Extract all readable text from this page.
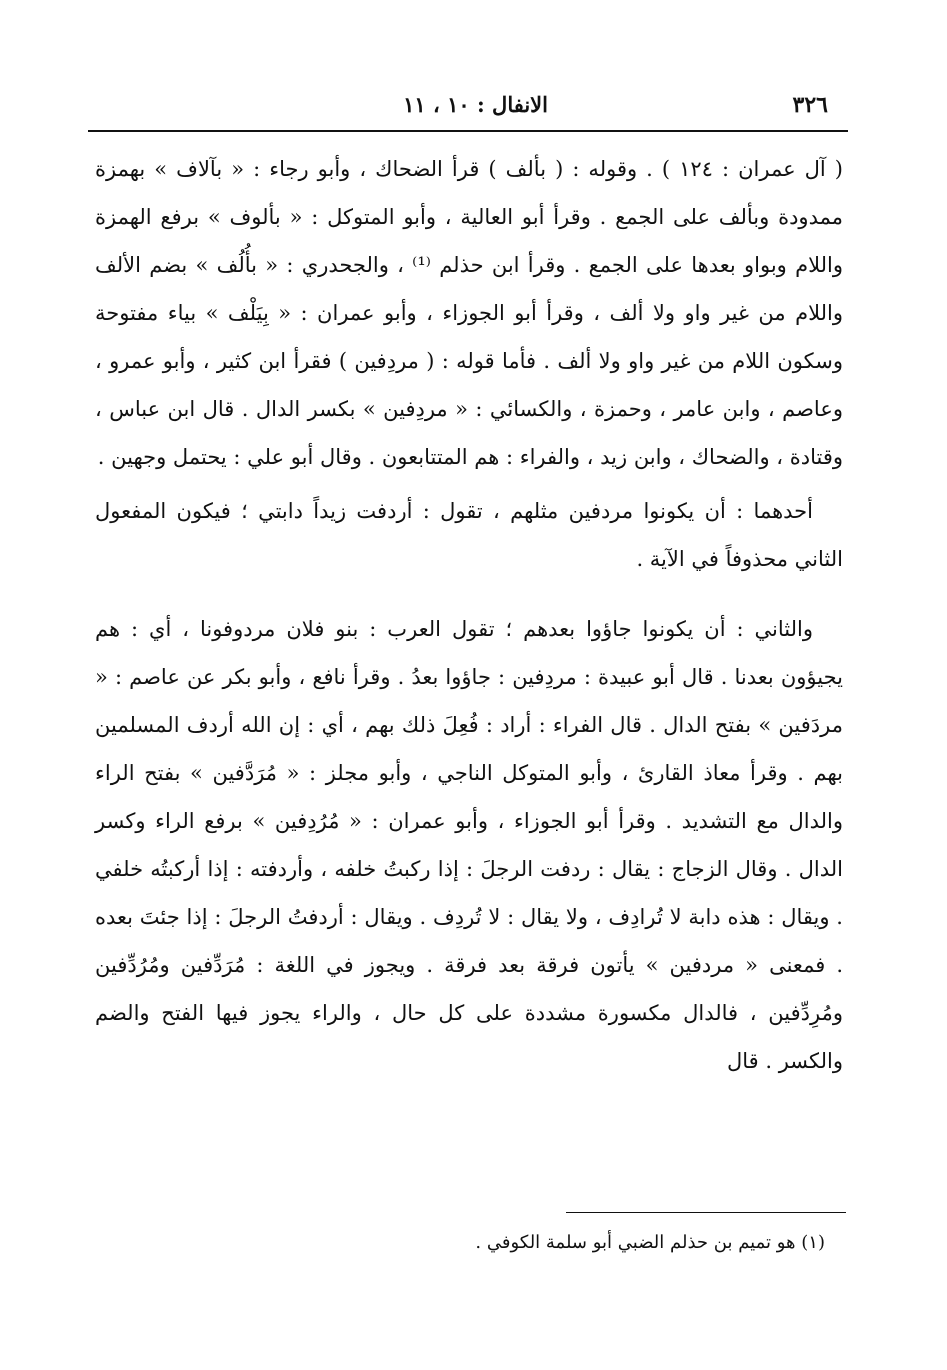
٣٢٦
الانفال : ١٠ ، ١١

( آل عمران : ١٢٤ ) . وقوله : ( بألف ) قرأ الضحاك ، وأبو رجاء : « بآلاف » بهمزة ممدودة وبألف على الجمع . وقرأ أبو العالية ، وأبو المتوكل : « بألوف » برفع الهمزة واللام وبواو بعدها على الجمع . وقرأ ابن حذلم ⁽¹⁾ ، والجحدري : « بأُلُف » بضم الألف واللام من غير واو ولا ألف ، وقرأ أبو الجوزاء ، وأبو عمران : « بِيَلْف » بياء مفتوحة وسكون اللام من غير واو ولا ألف . فأما قوله : ( مردِفين ) فقرأ ابن كثير ، وأبو عمرو ، وعاصم ، وابن عامر ، وحمزة ، والكسائي : « مردِفين » بكسر الدال . قال ابن عباس ، وقتادة ، والضحاك ، وابن زيد ، والفراء : هم المتتابعون . وقال أبو علي : يحتمل وجهين .

أحدهما : أن يكونوا مردفين مثلهم ، تقول : أردفت زيداً دابتي ؛ فيكون المفعول الثاني محذوفاً في الآية .

والثاني : أن يكونوا جاؤوا بعدهم ؛ تقول العرب : بنو فلان مردوفونا ، أي : هم يجيؤون بعدنا . قال أبو عبيدة : مردِفين : جاؤوا بعدُ . وقرأ نافع ، وأبو بكر عن عاصم : « مردَفين » بفتح الدال . قال الفراء : أراد : فُعِلَ ذلك بهم ، أي : إن الله أردف المسلمين بهم . وقرأ معاذ القارئ ، وأبو المتوكل الناجي ، وأبو مجلز : « مُرَدَّفين » بفتح الراء والدال مع التشديد . وقرأ أبو الجوزاء ، وأبو عمران : « مُرُدِفين » برفع الراء وكسر الدال . وقال الزجاج : يقال : ردفت الرجلَ : إذا ركبتُ خلفه ، وأردفته : إذا أركبتُه خلفي . ويقال : هذه دابة لا تُرادِف ، ولا يقال : لا تُردِف . ويقال : أردفتُ الرجلَ : إذا جئتَ بعده . فمعنى « مردفين » يأتون فرقة بعد فرقة . ويجوز في اللغة : مُرَدِّفين ومُرُدِّفين ومُرِدِّفين ، فالدال مكسورة مشددة على كل حال ، والراء يجوز فيها الفتح والضم والكسر . قال

(١) هو تميم بن حذلم الضبي أبو سلمة الكوفي .
